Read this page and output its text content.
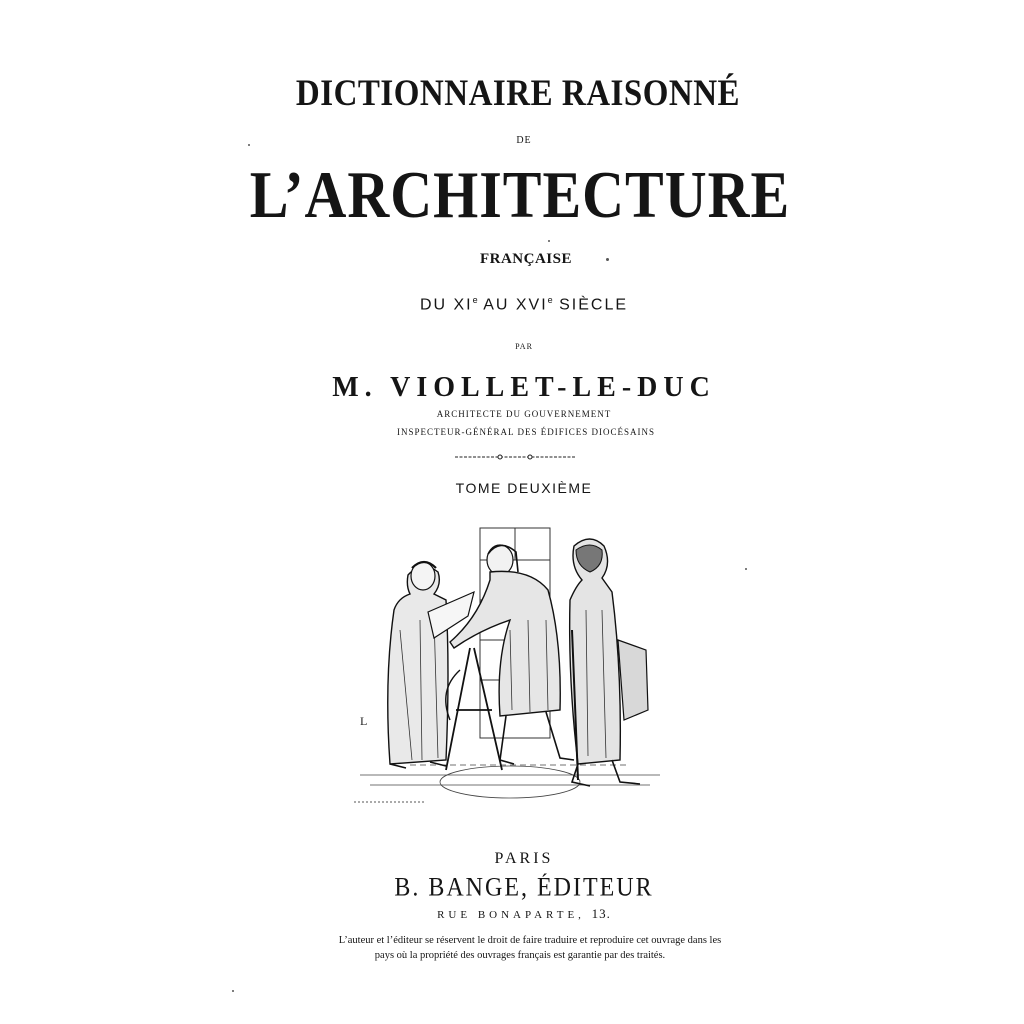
DICTIONNAIRE RAISONNÉ
DE
L’ARCHITECTURE
FRANÇAISE
DU XIe AU XVIe SIÈCLE
PAR
M. VIOLLET-LE-DUC
ARCHITECTE DU GOUVERNEMENT
INSPECTEUR-GÉNÉRAL DES ÉDIFICES DIOCÉSAINS
TOME DEUXIÈME
L
PARIS
B. BANGE, ÉDITEUR
RUE BONAPARTE, 13.
L’auteur et l’éditeur se réservent le droit de faire traduire et reproduire cet ouvrage dans les
pays où la propriété des ouvrages français est garantie par des traités.
